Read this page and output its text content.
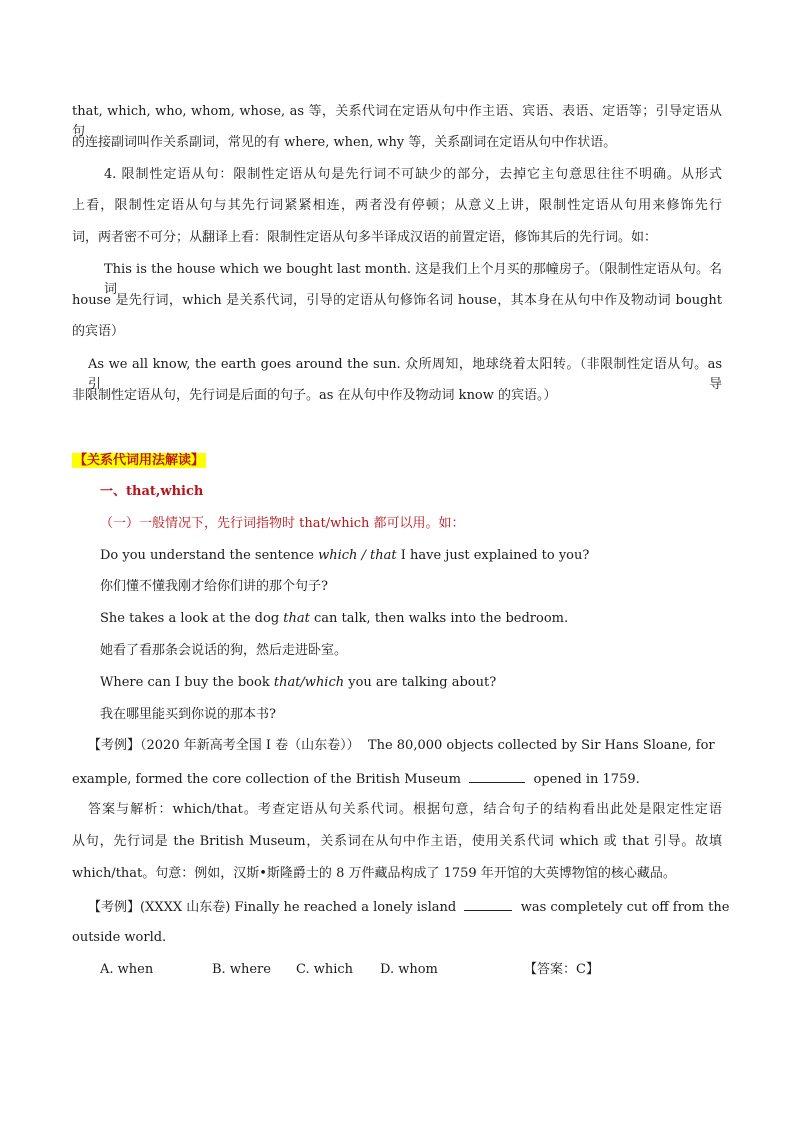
that, which, who, whom, whose, as 等，关系代词在定语从句中作主语、宾语、表语、定语等；引导定语从句
的连接副词叫作关系副词，常见的有 where, when, why 等，关系副词在定语从句中作状语。
4. 限制性定语从句：限制性定语从句是先行词不可缺少的部分，去掉它主句意思往往不明确。从形式
上看，限制性定语从句与其先行词紧紧相连，两者没有停顿；从意义上讲，限制性定语从句用来修饰先行
词，两者密不可分；从翻译上看：限制性定语从句多半译成汉语的前置定语，修饰其后的先行词。如：
This is the house which we bought last month. 这是我们上个月买的那幢房子。（限制性定语从句。名词
house 是先行词，which 是关系代词，引导的定语从句修饰名词 house，其本身在从句中作及物动词 bought
的宾语）
As we all know, the earth goes around the sun. 众所周知，地球绕着太阳转。（非限制性定语从句。as 引导
非限制性定语从句，先行词是后面的句子。as 在从句中作及物动词 know 的宾语。）
【关系代词用法解读】
一、that,which
（一）一般情况下，先行词指物时 that/which 都可以用。如：
Do you understand the sentence which / that I have just explained to you?
你们懂不懂我刚才给你们讲的那个句子?
She takes a look at the dog that can talk, then walks into the bedroom.
她看了看那条会说话的狗，然后走进卧室。
Where can I buy the book that/which you are talking about?
我在哪里能买到你说的那本书?
【考例】（2020 年新高考全国 I 卷（山东卷）） The 80,000 objects collected by Sir Hans Sloane, for
example, formed the core collection of the British Museum	opened in 1759.
答案与解析：which/that。考查定语从句关系代词。根据句意，结合句子的结构看出此处是限定性定语
从句，先行词是 the British Museum，关系词在从句中作主语，使用关系代词 which 或 that 引导。故填
which/that。句意：例如，汉斯•斯隆爵士的 8 万件藏品构成了 1759 年开馆的大英博物馆的核心藏品。
【考例】(XXXX 山东卷) Finally he reached a lonely island	was completely cut off from the
outside world.
A. when	B. where C. which D. whom	【答案：C】
